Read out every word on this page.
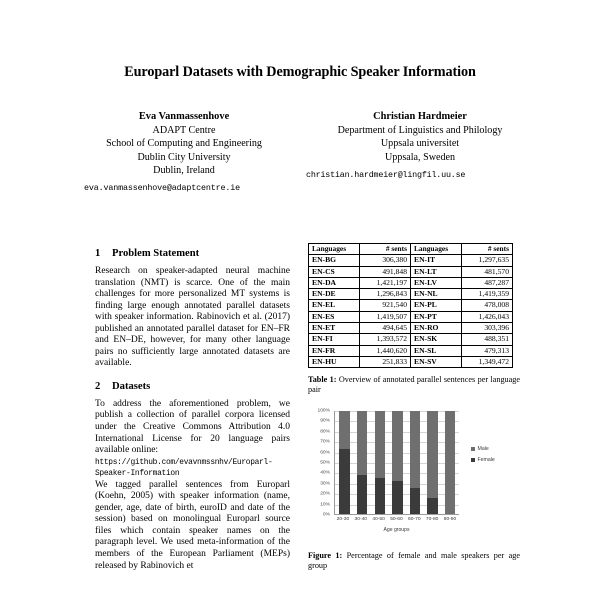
Europarl Datasets with Demographic Speaker Information
Eva Vanmassenhove
ADAPT Centre
School of Computing and Engineering
Dublin City University
Dublin, Ireland
Christian Hardmeier
Department of Linguistics and Philology
Uppsala universitet
Uppsala, Sweden
eva.vanmassenhove@adaptcentre.ie
christian.hardmeier@lingfil.uu.se
1 Problem Statement

Research on speaker-adapted neural machine translation (NMT) is scarce. One of the main challenges for more personalized MT systems is finding large enough annotated parallel datasets with speaker information. Rabinovich et al. (2017) published an annotated parallel dataset for EN–FR and EN–DE, however, for many other language pairs no sufficiently large annotated datasets are available.

2 Datasets

To address the aforementioned problem, we publish a collection of parallel corpora licensed under the Creative Commons Attribution 4.0 International License for 20 language pairs available online:

https://github.com/evavnmssnhv/Europarl-Speaker-Information

We tagged parallel sentences from Europarl (Koehn, 2005) with speaker information (name, gender, age, date of birth, euroID and date of the session) based on monolingual Europarl source files which contain speaker names on the paragraph level. We used meta-information of the members of the European Parliament (MEPs) released by Rabinovich et

Languages	# sents	Languages	# sents
EN-BG	306,380	EN-IT	1,297,635
EN-CS	491,848	EN-LT	481,570
EN-DA	1,421,197	EN-LV	487,287
EN-DE	1,296,843	EN-NL	1,419,359
EN-EL	921,540	EN-PL	478,008
EN-ES	1,419,507	EN-PT	1,426,043
EN-ET	494,645	EN-RO	303,396
EN-FI	1,393,572	EN-SK	488,351
EN-FR	1,440,620	EN-SL	479,313
EN-HU	251,833	EN-SV	1,349,472
Table 1: Overview of annotated parallel sentences per language pair
0%
10%
20%
30%
40%
50%
60%
70%
80%
90%
100%
20-30	30-40	40-50	50-60	60-70	70-80	80-90
Age groups
Male
Female
Figure 1: Percentage of female and male speakers per age group
